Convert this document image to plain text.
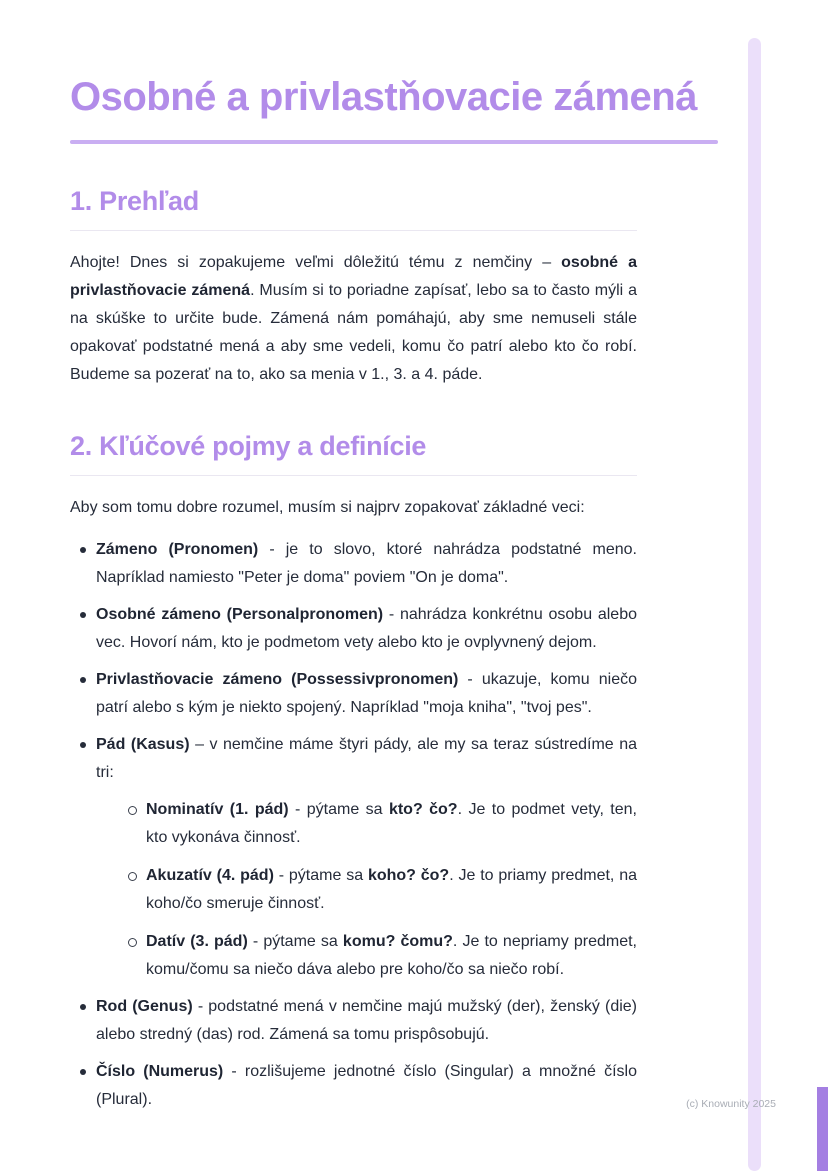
Osobné a privlastňovacie zámená
1. Prehľad

Ahojte! Dnes si zopakujeme veľmi dôležitú tému z nemčiny – osobné a privlastňovacie zámená. Musím si to poriadne zapísať, lebo sa to často mýli a na skúške to určite bude. Zámená nám pomáhajú, aby sme nemuseli stále opakovať podstatné mená a aby sme vedeli, komu čo patrí alebo kto čo robí. Budeme sa pozerať na to, ako sa menia v 1., 3. a 4. páde.

2. Kľúčové pojmy a definície

Aby som tomu dobre rozumel, musím si najprv zopakovať základné veci:

Zámeno (Pronomen) - je to slovo, ktoré nahrádza podstatné meno. Napríklad namiesto "Peter je doma" poviem "On je doma".
Osobné zámeno (Personalpronomen) - nahrádza konkrétnu osobu alebo vec. Hovorí nám, kto je podmetom vety alebo kto je ovplyvnený dejom.
Privlastňovacie zámeno (Possessivpronomen) - ukazuje, komu niečo patrí alebo s kým je niekto spojený. Napríklad "moja kniha", "tvoj pes".
Pád (Kasus) – v nemčine máme štyri pády, ale my sa teraz sústredíme na tri:
Nominatív (1. pád) - pýtame sa kto? čo?. Je to podmet vety, ten, kto vykonáva činnosť.
Akuzatív (4. pád) - pýtame sa koho? čo?. Je to priamy predmet, na koho/čo smeruje činnosť.
Datív (3. pád) - pýtame sa komu? čomu?. Je to nepriamy predmet, komu/čomu sa niečo dáva alebo pre koho/čo sa niečo robí.
Rod (Genus) - podstatné mená v nemčine majú mužský (der), ženský (die) alebo stredný (das) rod. Zámená sa tomu prispôsobujú.
Číslo (Numerus) - rozlišujeme jednotné číslo (Singular) a množné číslo (Plural).	(c) Knowunity 2025
